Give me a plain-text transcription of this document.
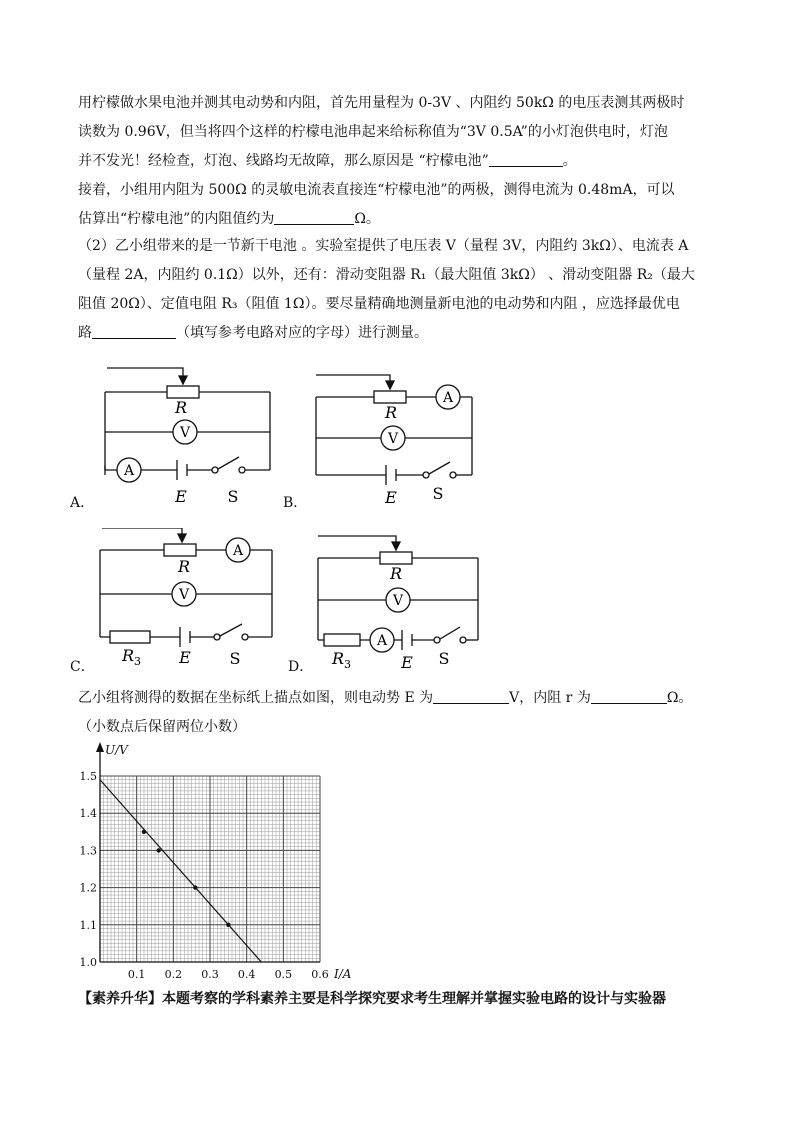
用柠檬做水果电池并测其电动势和内阻，首先用量程为 0-3V 、内阻约 50kΩ 的电压表测其两极时
读数为 0.96V，但当将四个这样的柠檬电池串起来给标称值为“3V 0.5A”的小灯泡供电时，灯泡
并不发光！经检查，灯泡、线路均无故障，那么原因是 “柠檬电池”	。
接着，小组用内阻为 500Ω 的灵敏电流表直接连“柠檬电池”的两极，测得电流为 0.48mA，可以
估算出“柠檬电池”的内阻值约为	Ω。
（2）乙小组带来的是一节新干电池 。实验室提供了电压表 V（量程 3V，内阻约 3kΩ）、电流表 A
（量程 2A，内阻约 0.1Ω）以外，还有：滑动变阻器 R₁（最大阻值 3kΩ） 、滑动变阻器 R₂（最大
阻值 20Ω）、定值电阻 R₃（阻值 1Ω）。要尽量精确地测量新电池的电动势和内阻 ，应选择最优电
路	（填写参考电路对应的字母）进行测量。
R
V
A
E	S
A．
R
A
V
E S
B．
R
A
V
$R_3$ E S
C．
R
V
A
$R_3$	E S
D．
乙小组将测得的数据在坐标纸上描点如图，则电动势 E 为	V，内阻 r 为	Ω。
（小数点后保留两位小数）
1.5
1.4
1.3
1.2
1.1
1.0
0.1 0.2 0.3 0.4 0.5 0.6
U/V
I/A
【素养升华】本题考察的学科素养主要是科学探究要求考生理解并掌握实验电路的设计与实验器
